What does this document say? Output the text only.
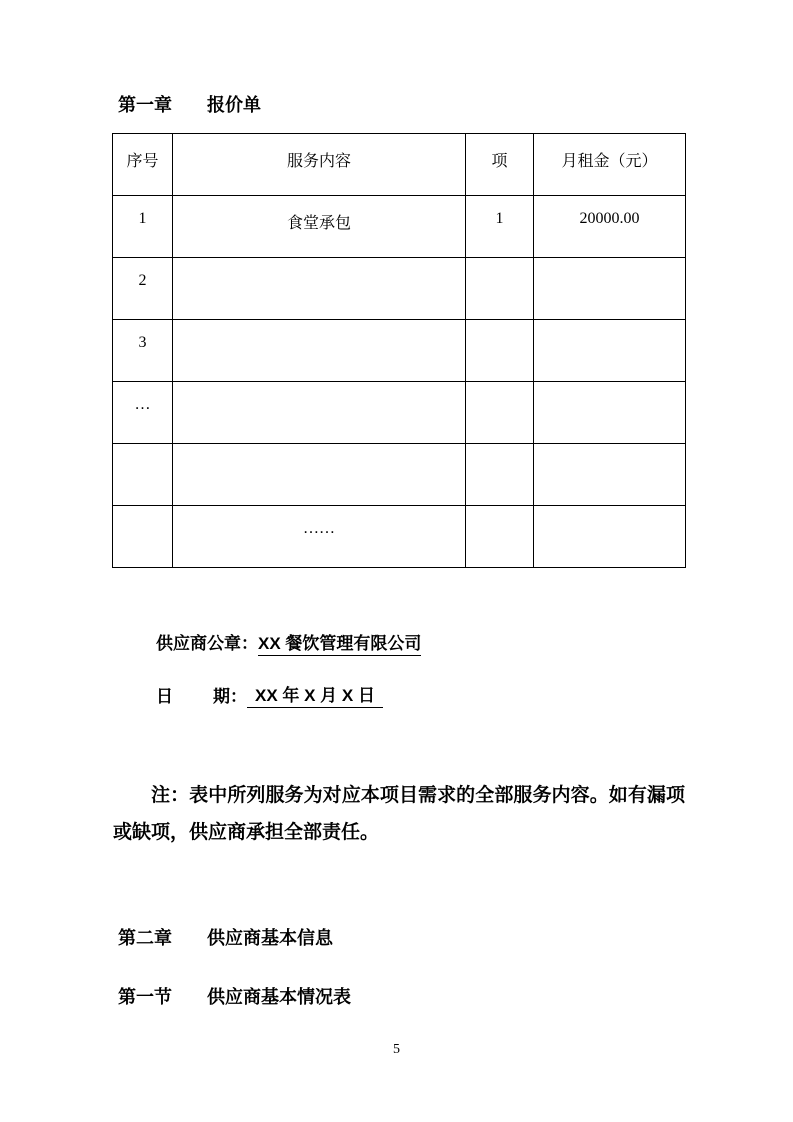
第一章 报价单
序号	服务内容	项	月租金（元）
1	食堂承包	1	20000.00
2			
3			
…			

	……		

供应商公章：XX 餐饮管理有限公司

日 期： XX 年 X 月 X 日

注：表中所列服务为对应本项目需求的全部服务内容。如有漏项或缺项，供应商承担全部责任。

第二章 供应商基本信息
第一节 供应商基本情况表
5
